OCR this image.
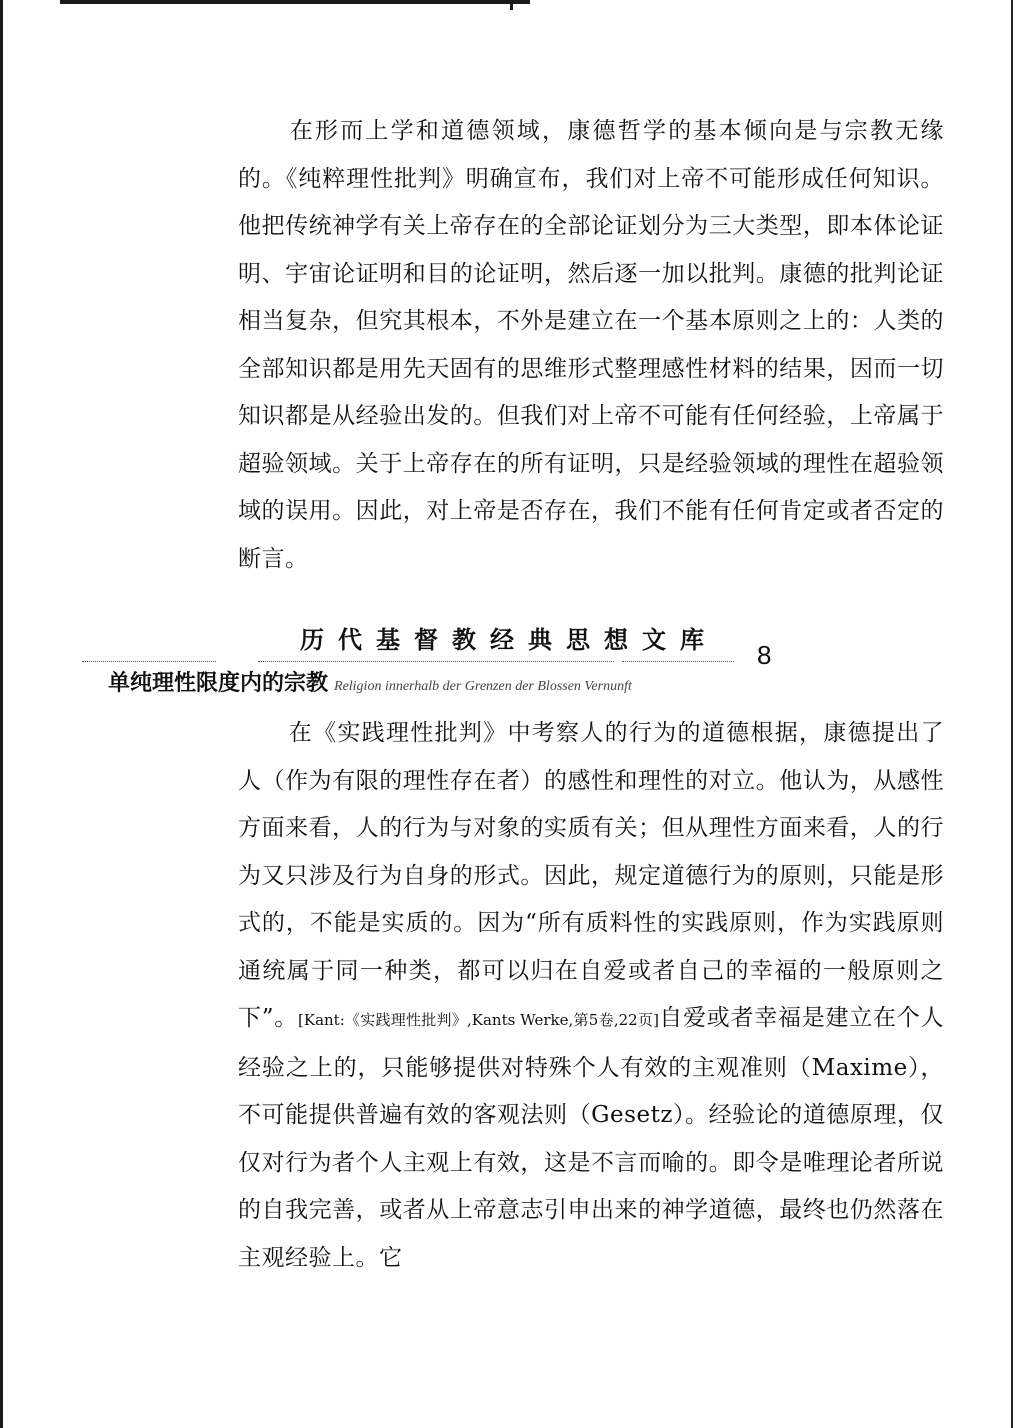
在形而上学和道德领域，康德哲学的基本倾向是与宗教无缘的。《纯粹理性批判》明确宣布，我们对上帝不可能形成任何知识。他把传统神学有关上帝存在的全部论证划分为三大类型，即本体论证明、宇宙论证明和目的论证明，然后逐一加以批判。康德的批判论证相当复杂，但究其根本，不外是建立在一个基本原则之上的：人类的全部知识都是用先天固有的思维形式整理感性材料的结果，因而一切知识都是从经验出发的。但我们对上帝不可能有任何经验，上帝属于超验领域。关于上帝存在的所有证明，只是经验领域的理性在超验领域的误用。因此，对上帝是否存在，我们不能有任何肯定或者否定的断言。

历代基督教经典思想文库	8
单纯理性限度内的宗教 Religion innerhalb der Grenzen der Blossen Vernunft

在《实践理性批判》中考察人的行为的道德根据，康德提出了人（作为有限的理性存在者）的感性和理性的对立。他认为，从感性方面来看，人的行为与对象的实质有关；但从理性方面来看，人的行为又只涉及行为自身的形式。因此，规定道德行为的原则，只能是形式的，不能是实质的。因为“所有质料性的实践原则，作为实践原则通统属于同一种类，都可以归在自爱或者自己的幸福的一般原则之下”。[Kant:《实践理性批判》,Kants Werke,第5卷,22页]自爱或者幸福是建立在个人经验之上的，只能够提供对特殊个人有效的主观准则（Maxime），不可能提供普遍有效的客观法则（Gesetz）。经验论的道德原理，仅仅对行为者个人主观上有效，这是不言而喻的。即令是唯理论者所说的自我完善，或者从上帝意志引申出来的神学道德，最终也仍然落在主观经验上。它
